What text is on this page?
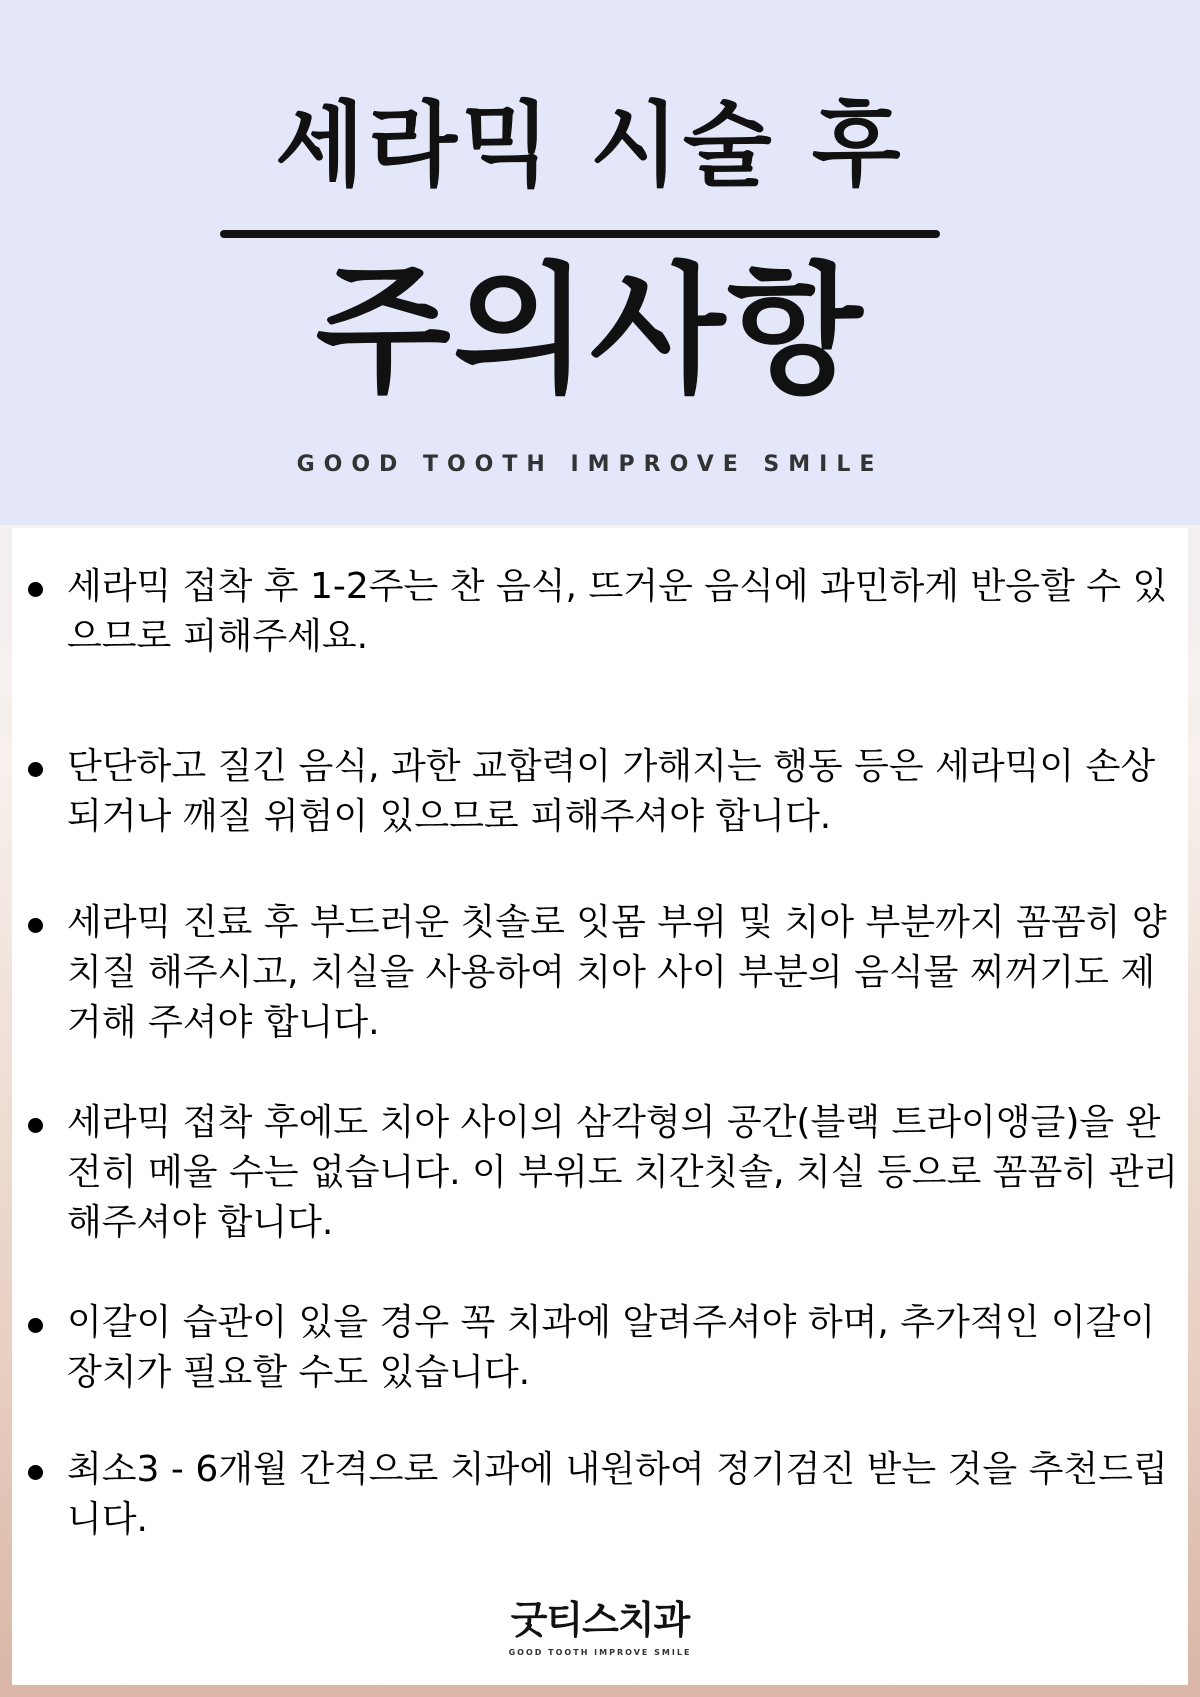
세라믹 시술 후
주의사항
GOOD TOOTH IMPROVE SMILE
세라믹 접착 후 1-2주는 찬 음식, 뜨거운 음식에 과민하게 반응할 수 있으므로 피해주세요.
단단하고 질긴 음식, 과한 교합력이 가해지는 행동 등은 세라믹이 손상되거나 깨질 위험이 있으므로 피해주셔야 합니다.
세라믹 진료 후 부드러운 칫솔로 잇몸 부위 및 치아 부분까지 꼼꼼히 양치질 해주시고, 치실을 사용하여 치아 사이 부분의 음식물 찌꺼기도 제거해 주셔야 합니다.
세라믹 접착 후에도 치아 사이의 삼각형의 공간(블랙 트라이앵글)을 완전히 메울 수는 없습니다. 이 부위도 치간칫솔, 치실 등으로 꼼꼼히 관리해주셔야 합니다.
이갈이 습관이 있을 경우 꼭 치과에 알려주셔야 하며, 추가적인 이갈이 장치가 필요할 수도 있습니다.
최소3 - 6개월 간격으로 치과에 내원하여 정기검진 받는 것을 추천드립니다.
굿티스치과
GOOD TOOTH IMPROVE SMILE
